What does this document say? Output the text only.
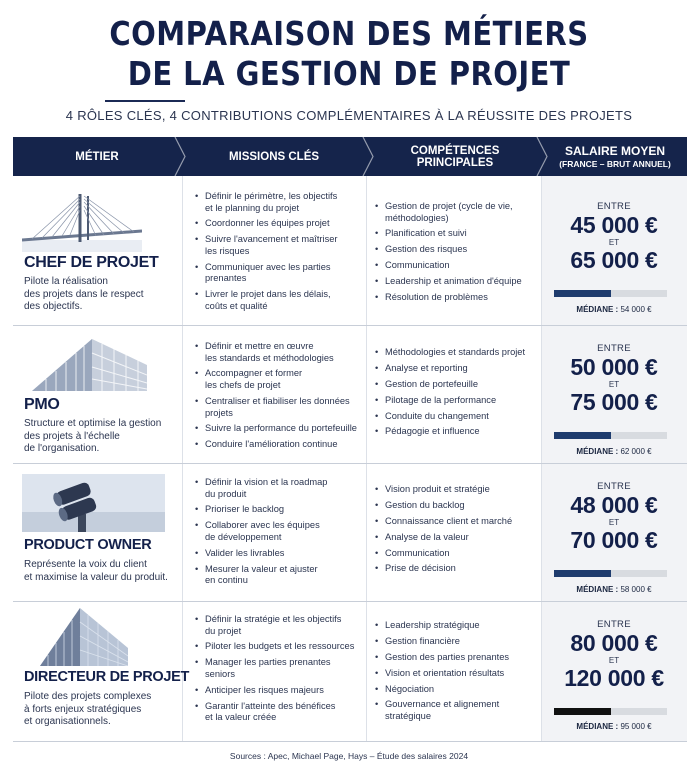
COMPARAISON DES MÉTIERS
DE LA GESTION DE PROJET
4 RÔLES CLÉS, 4 CONTRIBUTIONS COMPLÉMENTAIRES À LA RÉUSSITE DES PROJETS
MÉTIER	MISSIONS CLÉS	COMPÉTENCES PRINCIPALES
SALAIRE MOYEN
(FRANCE – BRUT ANNUEL)
CHEF DE PROJET
Pilote la réalisation
des projets dans le respect
des objectifs.
• Définir le périmètre, les objectifs
et le planning du projet
• Coordonner les équipes projet
• Suivre l'avancement et maîtriser
les risques
• Communiquer avec les parties
prenantes
• Livrer le projet dans les délais,
coûts et qualité
• Gestion de projet (cycle de vie,
méthodologies)
• Planification et suivi
• Gestion des risques
• Communication
• Leadership et animation d'équipe
• Résolution de problèmes
ENTRE
45 000 €
ET
65 000 €
MÉDIANE : 54 000 €
PMO
Structure et optimise la gestion
des projets à l'échelle
de l'organisation.
• Définir et mettre en œuvre
les standards et méthodologies
• Accompagner et former
les chefs de projet
• Centraliser et fiabiliser les données
projets
• Suivre la performance du portefeuille
• Conduire l'amélioration continue
• Méthodologies et standards projet
• Analyse et reporting
• Gestion de portefeuille
• Pilotage de la performance
• Conduite du changement
• Pédagogie et influence
ENTRE
50 000 €
ET
75 000 €
MÉDIANE : 62 000 €
PRODUCT OWNER
Représente la voix du client
et maximise la valeur du produit.
• Définir la vision et la roadmap
du produit
• Prioriser le backlog
• Collaborer avec les équipes
de développement
• Valider les livrables
• Mesurer la valeur et ajuster
en continu
• Vision produit et stratégie
• Gestion du backlog
• Connaissance client et marché
• Analyse de la valeur
• Communication
• Prise de décision
ENTRE
48 000 €
ET
70 000 €
MÉDIANE : 58 000 €
DIRECTEUR DE PROJET
Pilote des projets complexes
à forts enjeux stratégiques
et organisationnels.
• Définir la stratégie et les objectifs
du projet
• Piloter les budgets et les ressources
• Manager les parties prenantes
seniors
• Anticiper les risques majeurs
• Garantir l'atteinte des bénéfices
et la valeur créée
• Leadership stratégique
• Gestion financière
• Gestion des parties prenantes
• Vision et orientation résultats
• Négociation
• Gouvernance et alignement
stratégique
ENTRE
80 000 €
ET
120 000 €
MÉDIANE : 95 000 €
Sources : Apec, Michael Page, Hays – Étude des salaires 2024
